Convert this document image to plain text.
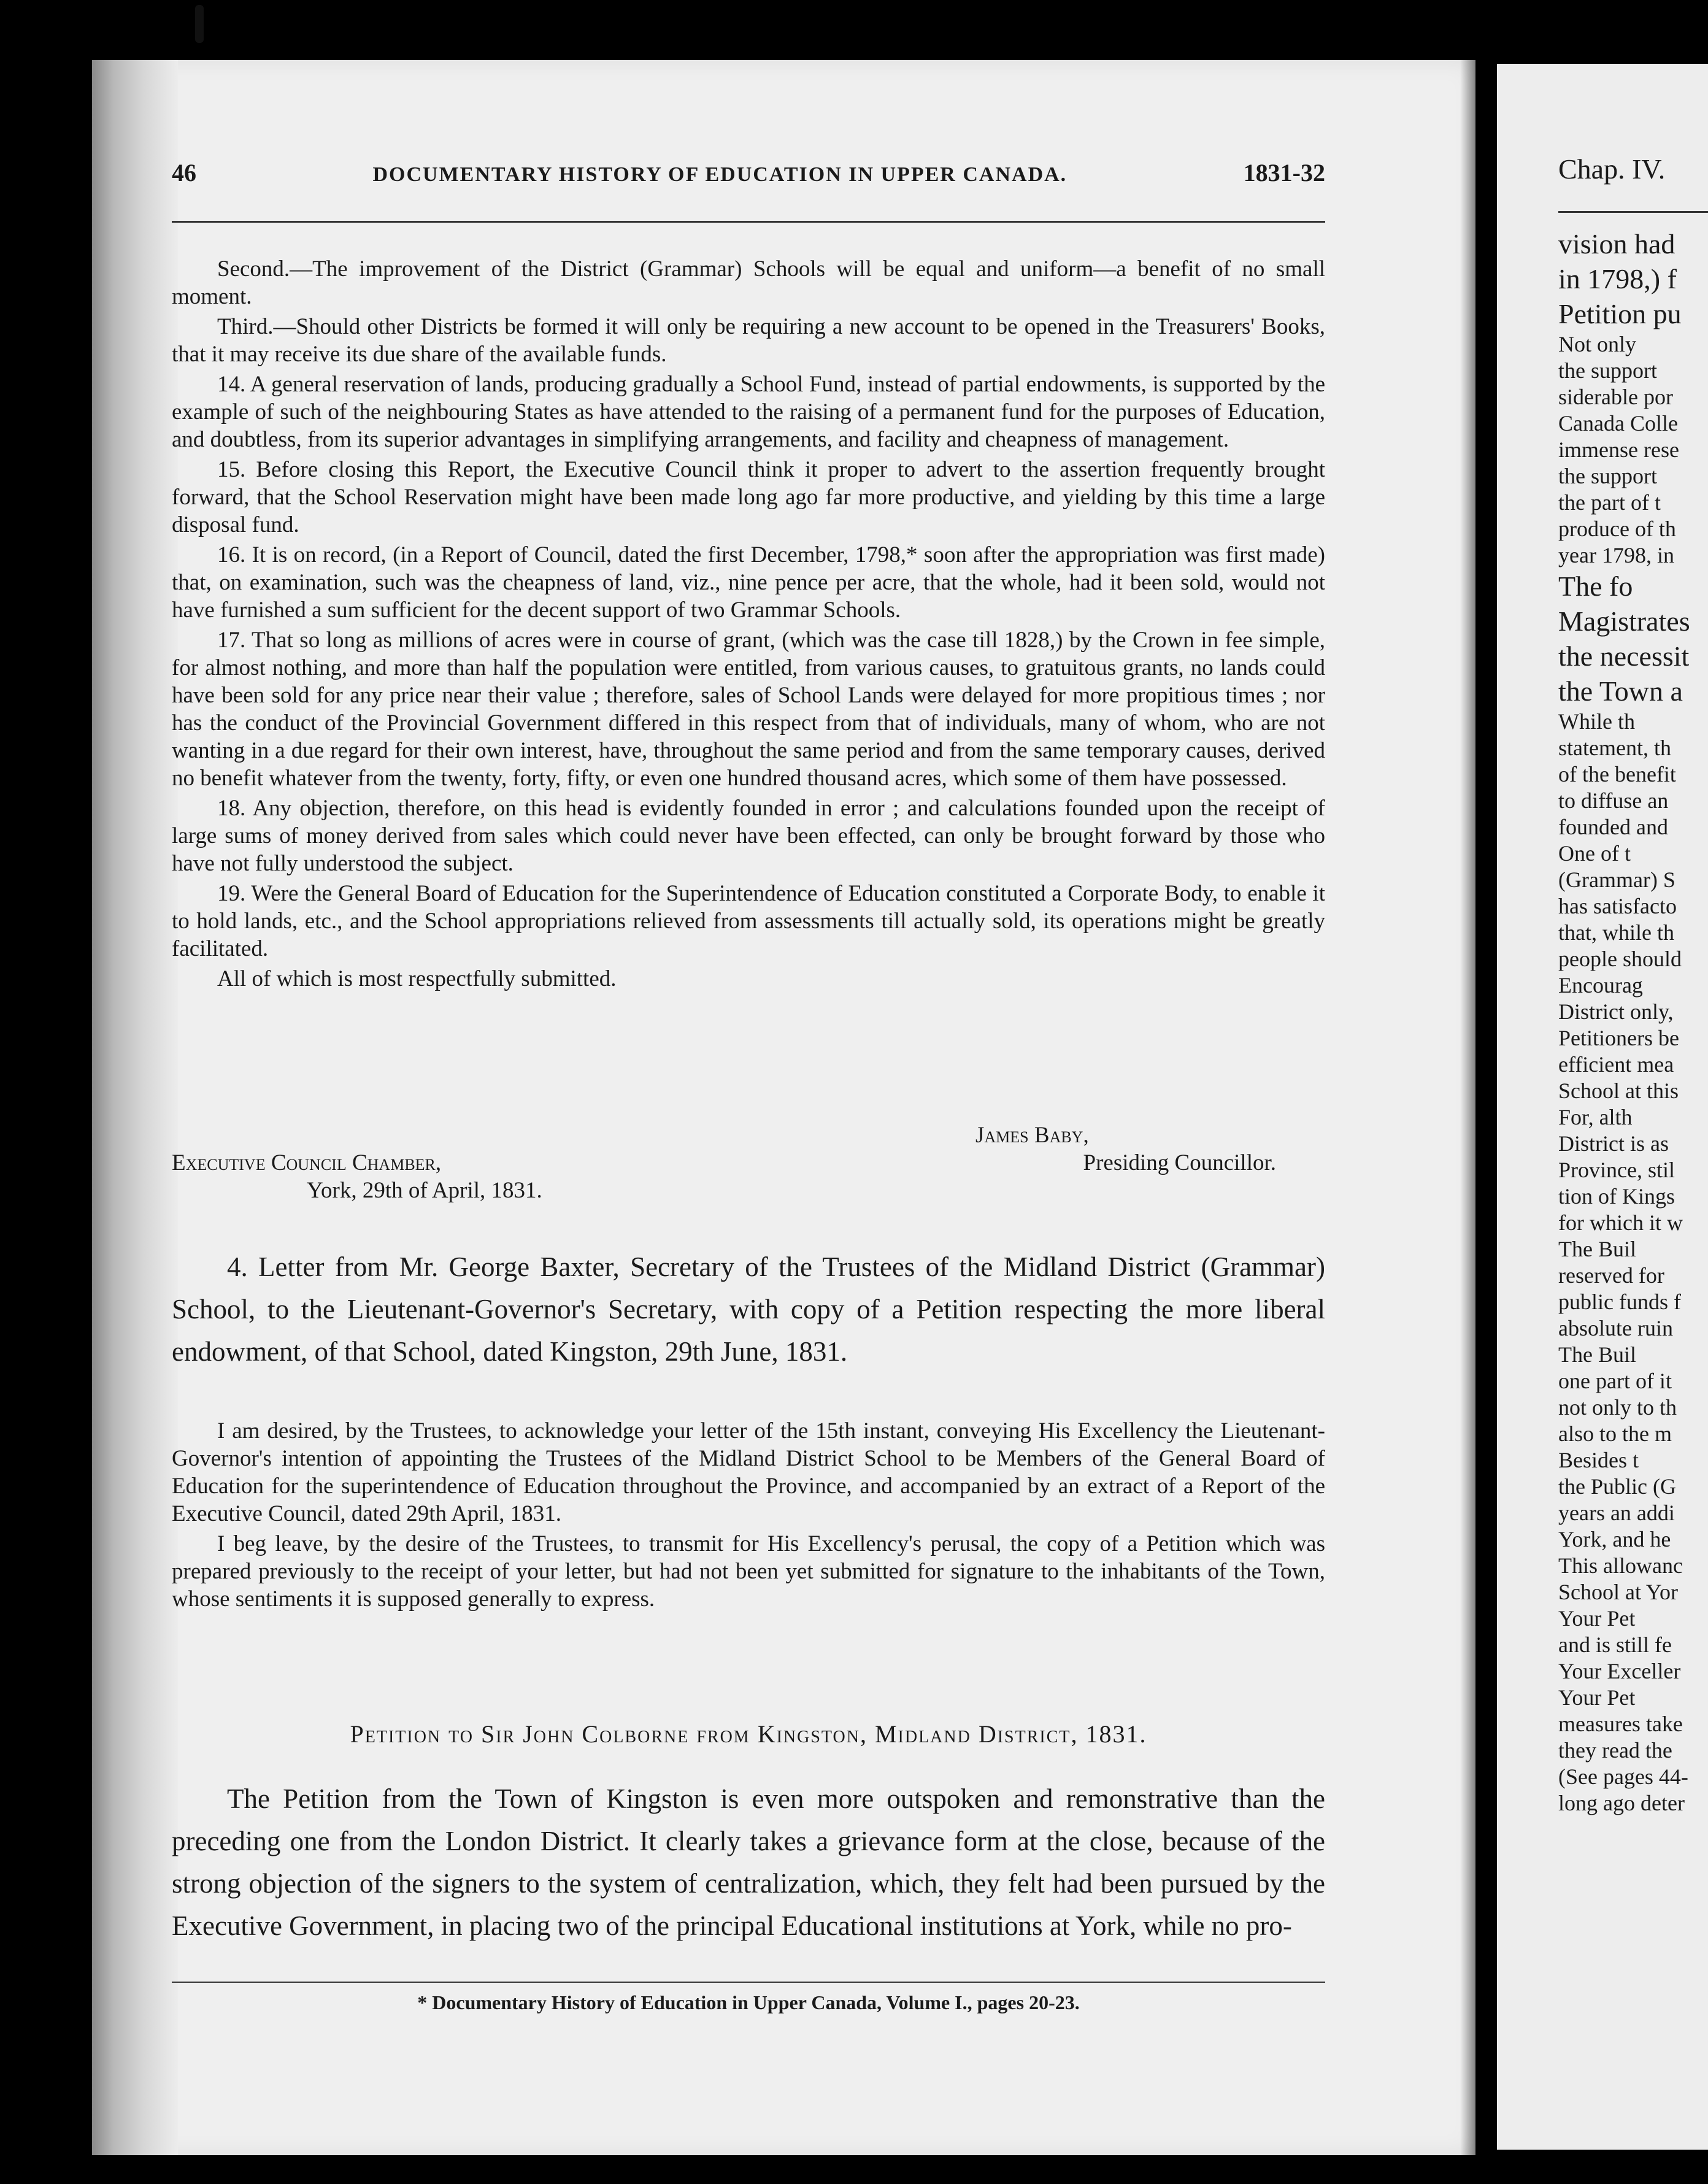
Chap. IV.
vision had
in 1798,) f
Petition pu
Not only
the support
siderable por
Canada Colle
immense rese
the support
the part of t
produce of th
year 1798, in
The fo
Magistrates
the necessit
the Town a
While th
statement, th
of the benefit
to diffuse an
founded and
One of t
(Grammar) S
has satisfacto
that, while th
people should
Encourag
District only,
Petitioners be
efficient mea
School at this
For, alth
District is as
Province, stil
tion of Kings
for which it w
The Buil
reserved for
public funds f
absolute ruin
The Buil
one part of it
not only to th
also to the m
Besides t
the Public (G
years an addi
York, and he
This allowanc
School at Yor
Your Pet
and is still fe
Your Exceller
Your Pet
measures take
they read the
(See pages 44-
long ago deter
46	DOCUMENTARY HISTORY OF EDUCATION IN UPPER CANADA.	1831-32

Second.—The improvement of the District (Grammar) Schools will be equal and uniform—a benefit of no small moment.

Third.—Should other Districts be formed it will only be requiring a new account to be opened in the Treasurers' Books, that it may receive its due share of the available funds.

14. A general reservation of lands, producing gradually a School Fund, instead of partial endowments, is supported by the example of such of the neighbouring States as have attended to the raising of a permanent fund for the purposes of Education, and doubtless, from its superior advantages in simplifying arrangements, and facility and cheapness of management.

15. Before closing this Report, the Executive Council think it proper to advert to the assertion frequently brought forward, that the School Reservation might have been made long ago far more productive, and yielding by this time a large disposal fund.

16. It is on record, (in a Report of Council, dated the first December, 1798,* soon after the appropriation was first made) that, on examination, such was the cheapness of land, viz., nine pence per acre, that the whole, had it been sold, would not have furnished a sum sufficient for the decent support of two Grammar Schools.

17. That so long as millions of acres were in course of grant, (which was the case till 1828,) by the Crown in fee simple, for almost nothing, and more than half the population were entitled, from various causes, to gratuitous grants, no lands could have been sold for any price near their value ; therefore, sales of School Lands were delayed for more propitious times ; nor has the conduct of the Provincial Government differed in this respect from that of individuals, many of whom, who are not wanting in a due regard for their own interest, have, throughout the same period and from the same temporary causes, derived no benefit whatever from the twenty, forty, fifty, or even one hundred thousand acres, which some of them have possessed.

18. Any objection, therefore, on this head is evidently founded in error ; and calculations founded upon the receipt of large sums of money derived from sales which could never have been effected, can only be brought forward by those who have not fully understood the subject.

19. Were the General Board of Education for the Superintendence of Education constituted a Corporate Body, to enable it to hold lands, etc., and the School appropriations relieved from assessments till actually sold, its operations might be greatly facilitated.

All of which is most respectfully submitted.

James Baby,
Executive Council Chamber,	Presiding Councillor.
York, 29th of April, 1831.

4. Letter from Mr. George Baxter, Secretary of the Trustees of the Midland District (Grammar) School, to the Lieutenant-Governor's Secretary, with copy of a Petition respecting the more liberal endowment, of that School, dated Kingston, 29th June, 1831.

I am desired, by the Trustees, to acknowledge your letter of the 15th instant, conveying His Excellency the Lieutenant-Governor's intention of appointing the Trustees of the Midland District School to be Members of the General Board of Education for the superintendence of Education throughout the Province, and accompanied by an extract of a Report of the Executive Council, dated 29th April, 1831.

I beg leave, by the desire of the Trustees, to transmit for His Excellency's perusal, the copy of a Petition which was prepared previously to the receipt of your letter, but had not been yet submitted for signature to the inhabitants of the Town, whose sentiments it is supposed generally to express.

Petition to Sir John Colborne from Kingston, Midland District, 1831.

The Petition from the Town of Kingston is even more outspoken and remonstrative than the preceding one from the London District. It clearly takes a grievance form at the close, because of the strong objection of the signers to the system of centralization, which, they felt had been pursued by the Executive Government, in placing two of the principal Educational institutions at York, while no pro-

* Documentary History of Education in Upper Canada, Volume I., pages 20-23.
